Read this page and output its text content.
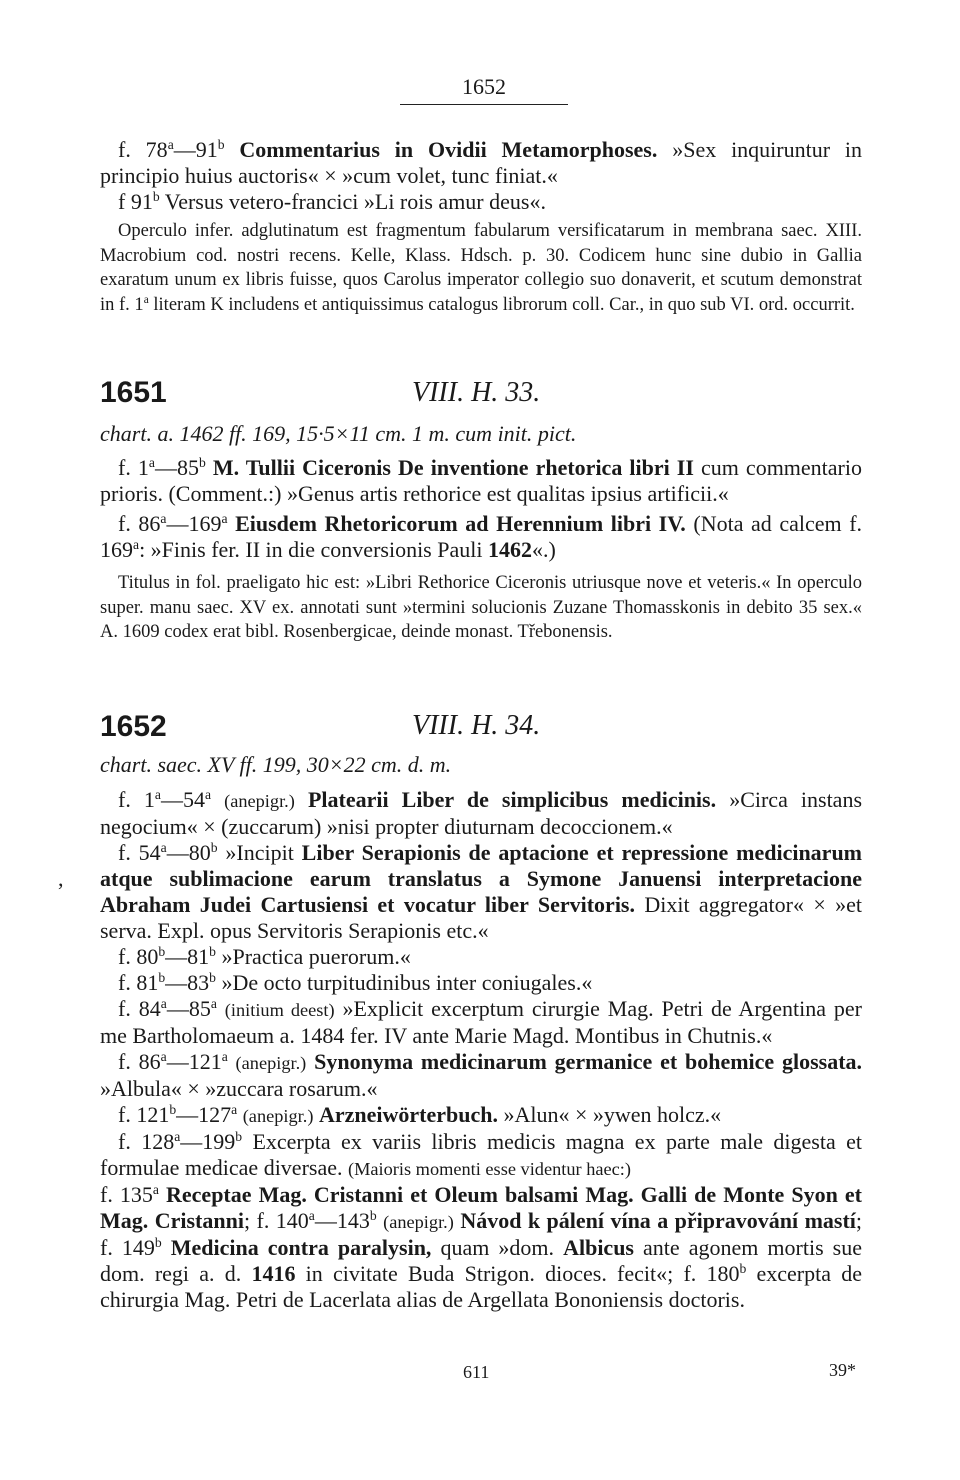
1652

f. 78$^a$—91$^b$ Commentarius in Ovidii Metamorphoses. »Sex inquiruntur in principio huius auctoris« × »cum volet, tunc finiat.«

f 91$^b$ Versus vetero-francici »Li rois amur deus«.

Operculo infer. adglutinatum est fragmentum fabularum versificatarum in membrana saec. XIII. Macrobium cod. nostri recens. Kelle, Klass. Hdsch. p. 30. Codicem hunc sine dubio in Gallia exaratum unum ex libris fuisse, quos Carolus imperator collegio suo donaverit, et scutum demonstrat in f. 1$^a$ literam K includens et antiquissimus catalogus librorum coll. Car., in quo sub VI. ord. occurrit.

1651	VIII. H. 33.
chart. a. 1462 ff. 169, 15·5×11 cm. 1 m. cum init. pict.

f. 1$^a$—85$^b$ M. Tullii Ciceronis De inventione rhetorica libri II cum commentario prioris. (Comment.:) »Genus artis rethorice est qualitas ipsius artificii.«

f. 86$^a$—169$^a$ Eiusdem Rhetoricorum ad Herennium libri IV. (Nota ad calcem f. 169$^a$: »Finis fer. II in die conversionis Pauli 1462«.)

Titulus in fol. praeligato hic est: »Libri Rethorice Ciceronis utriusque nove et veteris.« In operculo super. manu saec. XV ex. annotati sunt »termini solucionis Zuzane Thomasskonis in debito 35 sex.« A. 1609 codex erat bibl. Rosenbergicae, deinde monast. Třebonensis.

1652	VIII. H. 34.
chart. saec. XV ff. 199, 30×22 cm. d. m.
,

f. 1$^a$—54$^a$ (anepigr.) Platearii Liber de simplicibus medicinis. »Circa instans negocium« × (zuccarum) »nisi propter diuturnam decoccionem.«

f. 54$^a$—80$^b$ »Incipit Liber Serapionis de aptacione et repressione medicinarum atque sublimacione earum translatus a Symone Januensi interpretacione Abraham Judei Cartusiensi et vocatur liber Servitoris. Dixit aggregator« × »et serva. Expl. opus Servitoris Serapionis etc.«

f. 80$^b$—81$^b$ »Practica puerorum.«

f. 81$^b$—83$^b$ »De octo turpitudinibus inter coniugales.«

f. 84$^a$—85$^a$ (initium deest) »Explicit excerptum cirurgie Mag. Petri de Argentina per me Bartholomaeum a. 1484 fer. IV ante Marie Magd. Montibus in Chutnis.«

f. 86$^a$—121$^a$ (anepigr.) Synonyma medicinarum germanice et bohemice glossata. »Albula« × »zuccara rosarum.«

f. 121$^b$—127$^a$ (anepigr.) Arzneiwörterbuch. »Alun« × »ywen holcz.«

f. 128$^a$—199$^b$ Excerpta ex variis libris medicis magna ex parte male digesta et formulae medicae diversae. (Maioris momenti esse videntur haec:)

f. 135$^a$ Receptae Mag. Cristanni et Oleum balsami Mag. Galli de Monte Syon et Mag. Cristanni; f. 140$^a$—143$^b$ (anepigr.) Návod k pálení vína a připravování mastí; f. 149$^b$ Medicina contra paralysin, quam »dom. Albicus ante agonem mortis sue dom. regi a. d. 1416 in civitate Buda Strigon. dioces. fecit«; f. 180$^b$ excerpta de chirurgia Mag. Petri de Lacerlata alias de Argellata Bononiensis doctoris.

611	39*
